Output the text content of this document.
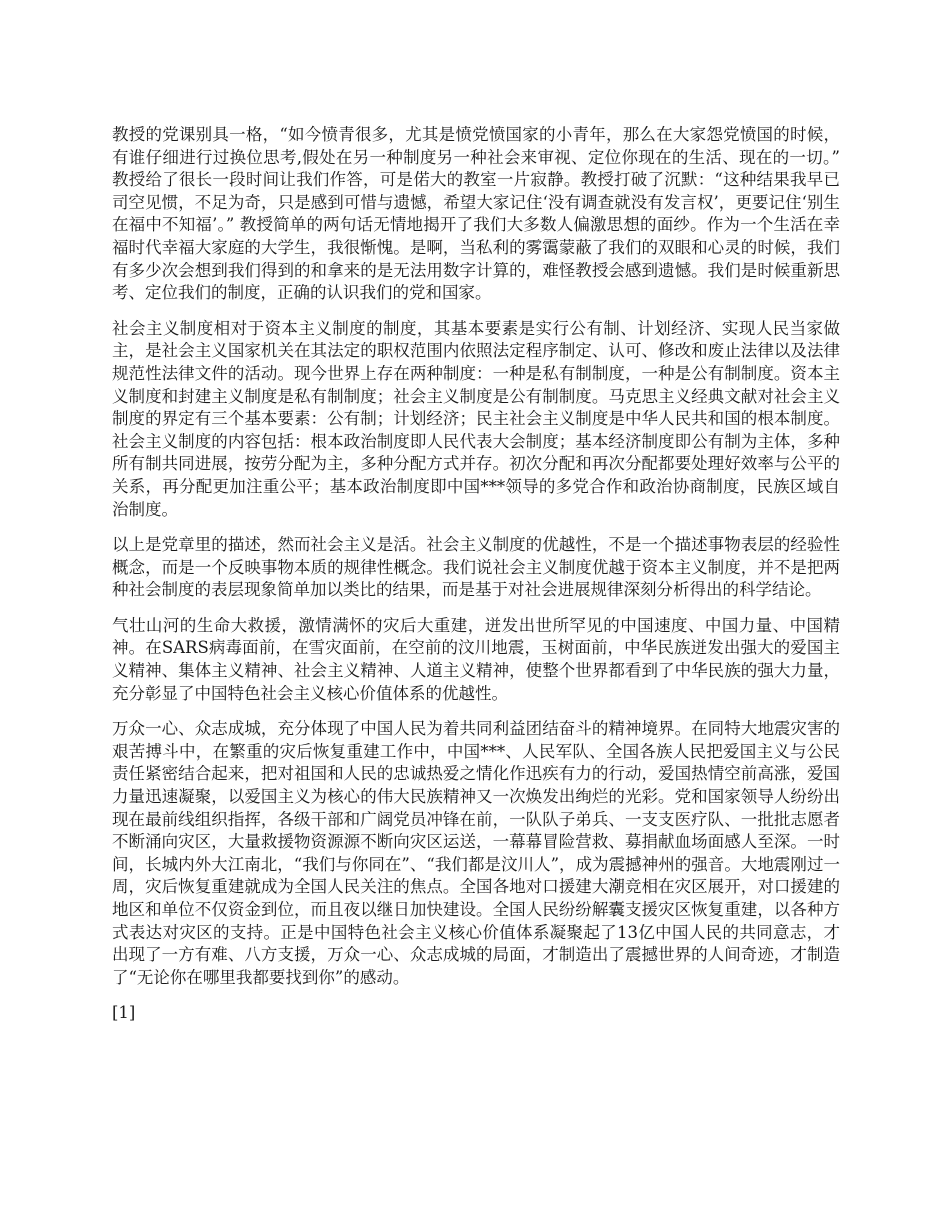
教授的党课别具一格，“如今愤青很多，尤其是愤党愤国家的小青年，那么在大家怨党愤国的时候，有谁仔细进行过换位思考,假处在另一种制度另一种社会来审视、定位你现在的生活、现在的一切。” 教授给了很长一段时间让我们作答，可是偌大的教室一片寂静。教授打破了沉默：“这种结果我早已司空见惯，不足为奇，只是感到可惜与遗憾，希望大家记住‘没有调查就没有发言权’，更要记住‘别生在福中不知福’。” 教授简单的两句话无情地揭开了我们大多数人偏激思想的面纱。作为一个生活在幸福时代幸福大家庭的大学生，我很惭愧。是啊，当私利的雾霭蒙蔽了我们的双眼和心灵的时候，我们有多少次会想到我们得到的和拿来的是无法用数字计算的，难怪教授会感到遗憾。我们是时候重新思考、定位我们的制度，正确的认识我们的党和国家。

社会主义制度相对于资本主义制度的制度，其基本要素是实行公有制、计划经济、实现人民当家做主，是社会主义国家机关在其法定的职权范围内依照法定程序制定、认可、修改和废止法律以及法律规范性法律文件的活动。现今世界上存在两种制度：一种是私有制制度，一种是公有制制度。资本主义制度和封建主义制度是私有制制度；社会主义制度是公有制制度。马克思主义经典文献对社会主义制度的界定有三个基本要素：公有制；计划经济；民主社会主义制度是中华人民共和国的根本制度。社会主义制度的内容包括：根本政治制度即人民代表大会制度；基本经济制度即公有制为主体，多种所有制共同进展，按劳分配为主，多种分配方式并存。初次分配和再次分配都要处理好效率与公平的关系，再分配更加注重公平；基本政治制度即中国***领导的多党合作和政治协商制度，民族区域自治制度。

以上是党章里的描述，然而社会主义是活。社会主义制度的优越性，不是一个描述事物表层的经验性概念，而是一个反映事物本质的规律性概念。我们说社会主义制度优越于资本主义制度，并不是把两种社会制度的表层现象简单加以类比的结果，而是基于对社会进展规律深刻分析得出的科学结论。

气壮山河的生命大救援，激情满怀的灾后大重建，迸发出世所罕见的中国速度、中国力量、中国精神。在SARS病毒面前，在雪灾面前，在空前的汶川地震，玉树面前，中华民族迸发出强大的爱国主义精神、集体主义精神、社会主义精神、人道主义精神，使整个世界都看到了中华民族的强大力量，充分彰显了中国特色社会主义核心价值体系的优越性。

万众一心、众志成城，充分体现了中国人民为着共同利益团结奋斗的精神境界。在同特大地震灾害的艰苦搏斗中，在繁重的灾后恢复重建工作中，中国***、人民军队、全国各族人民把爱国主义与公民责任紧密结合起来，把对祖国和人民的忠诚热爱之情化作迅疾有力的行动，爱国热情空前高涨，爱国力量迅速凝聚，以爱国主义为核心的伟大民族精神又一次焕发出绚烂的光彩。党和国家领导人纷纷出现在最前线组织指挥，各级干部和广阔党员冲锋在前，一队队子弟兵、一支支医疗队、一批批志愿者不断涌向灾区，大量救援物资源源不断向灾区运送，一幕幕冒险营救、募捐献血场面感人至深。一时间，长城内外大江南北，“我们与你同在”、“我们都是汶川人”，成为震撼神州的强音。大地震刚过一周，灾后恢复重建就成为全国人民关注的焦点。全国各地对口援建大潮竞相在灾区展开，对口援建的地区和单位不仅资金到位，而且夜以继日加快建设。全国人民纷纷解囊支援灾区恢复重建，以各种方式表达对灾区的支持。正是中国特色社会主义核心价值体系凝聚起了13亿中国人民的共同意志，才出现了一方有难、八方支援，万众一心、众志成城的局面，才制造出了震撼世界的人间奇迹，才制造了“无论你在哪里我都要找到你”的感动。

[1]
